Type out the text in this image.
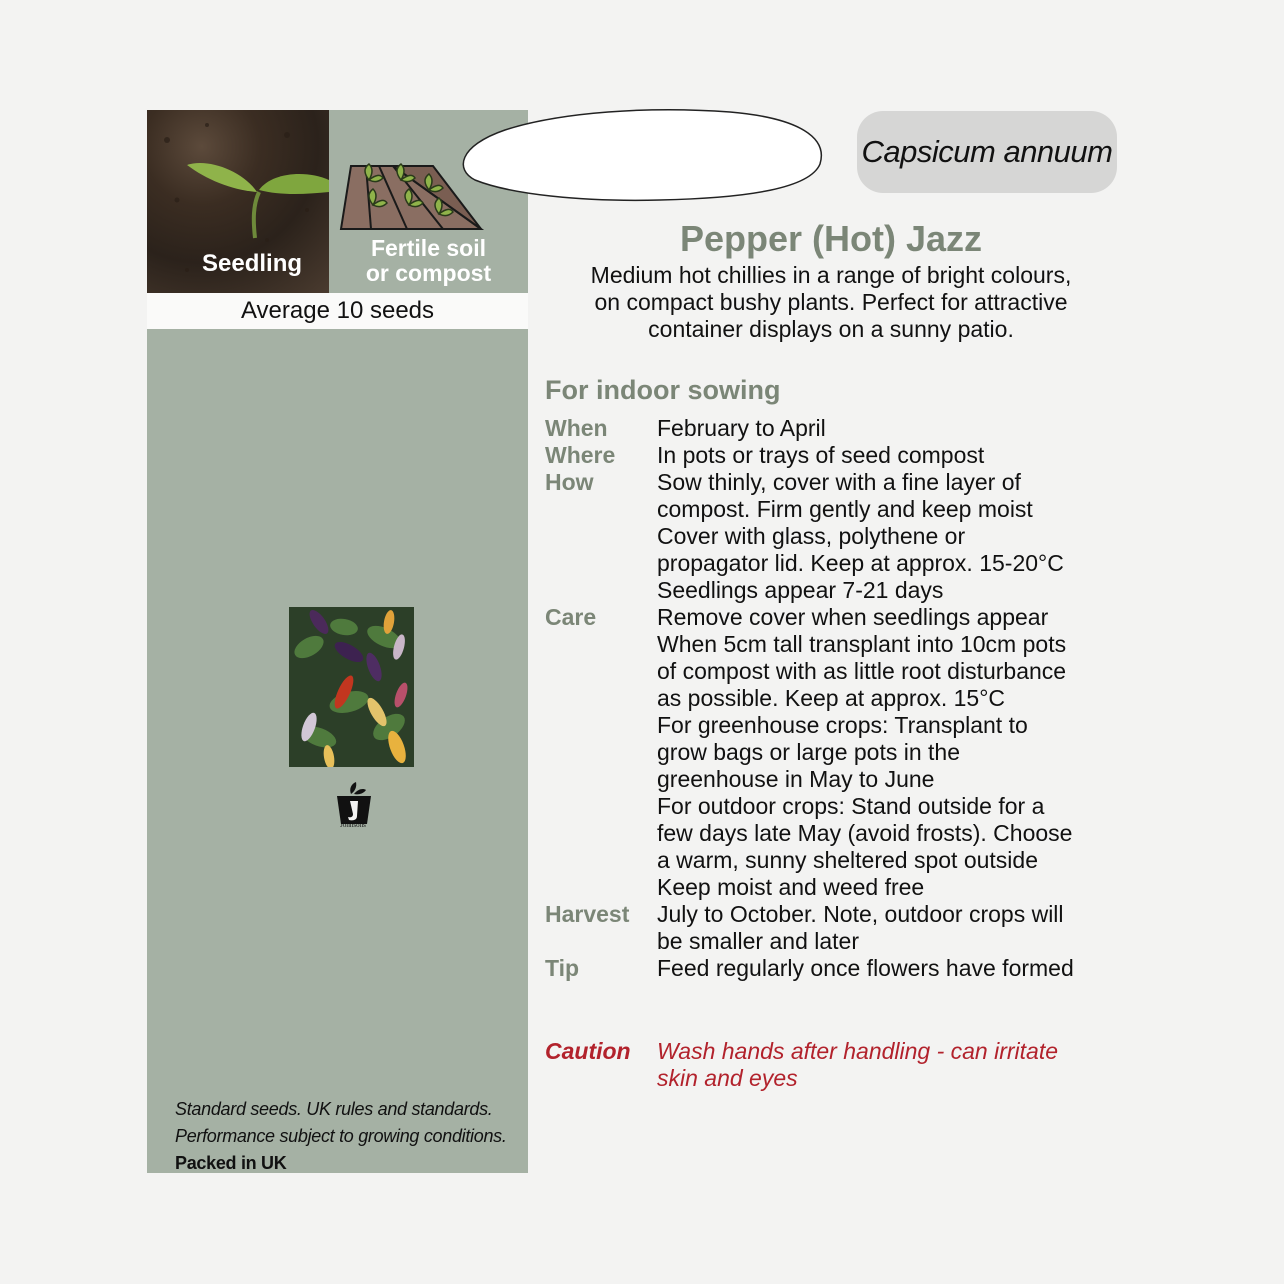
Seedling
Fertile soil
or compost
Average 10 seeds
Johnsons
Standard seeds. UK rules and standards.
Performance subject to growing conditions.
Packed in UK
Capsicum annuum
Pepper (Hot) Jazz
Medium hot chillies in a range of bright colours,
on compact bushy plants. Perfect for attractive
container displays on a sunny patio.
For indoor sowing
When	February to April
Where	In pots or trays of seed compost
How	Sow thinly, cover with a fine layer of
compost. Firm gently and keep moist
Cover with glass, polythene or
propagator lid. Keep at approx. 15-20°C
Seedlings appear 7-21 days
Care	Remove cover when seedlings appear
When 5cm tall transplant into 10cm pots
of compost with as little root disturbance
as possible. Keep at approx. 15°C
For greenhouse crops: Transplant to
grow bags or large pots in the
greenhouse in May to June
For outdoor crops: Stand outside for a
few days late May (avoid frosts). Choose
a warm, sunny sheltered spot outside
Keep moist and weed free
Harvest	July to October. Note, outdoor crops will
be smaller and later
Tip	Feed regularly once flowers have formed
Caution	Wash hands after handling - can irritate
skin and eyes
